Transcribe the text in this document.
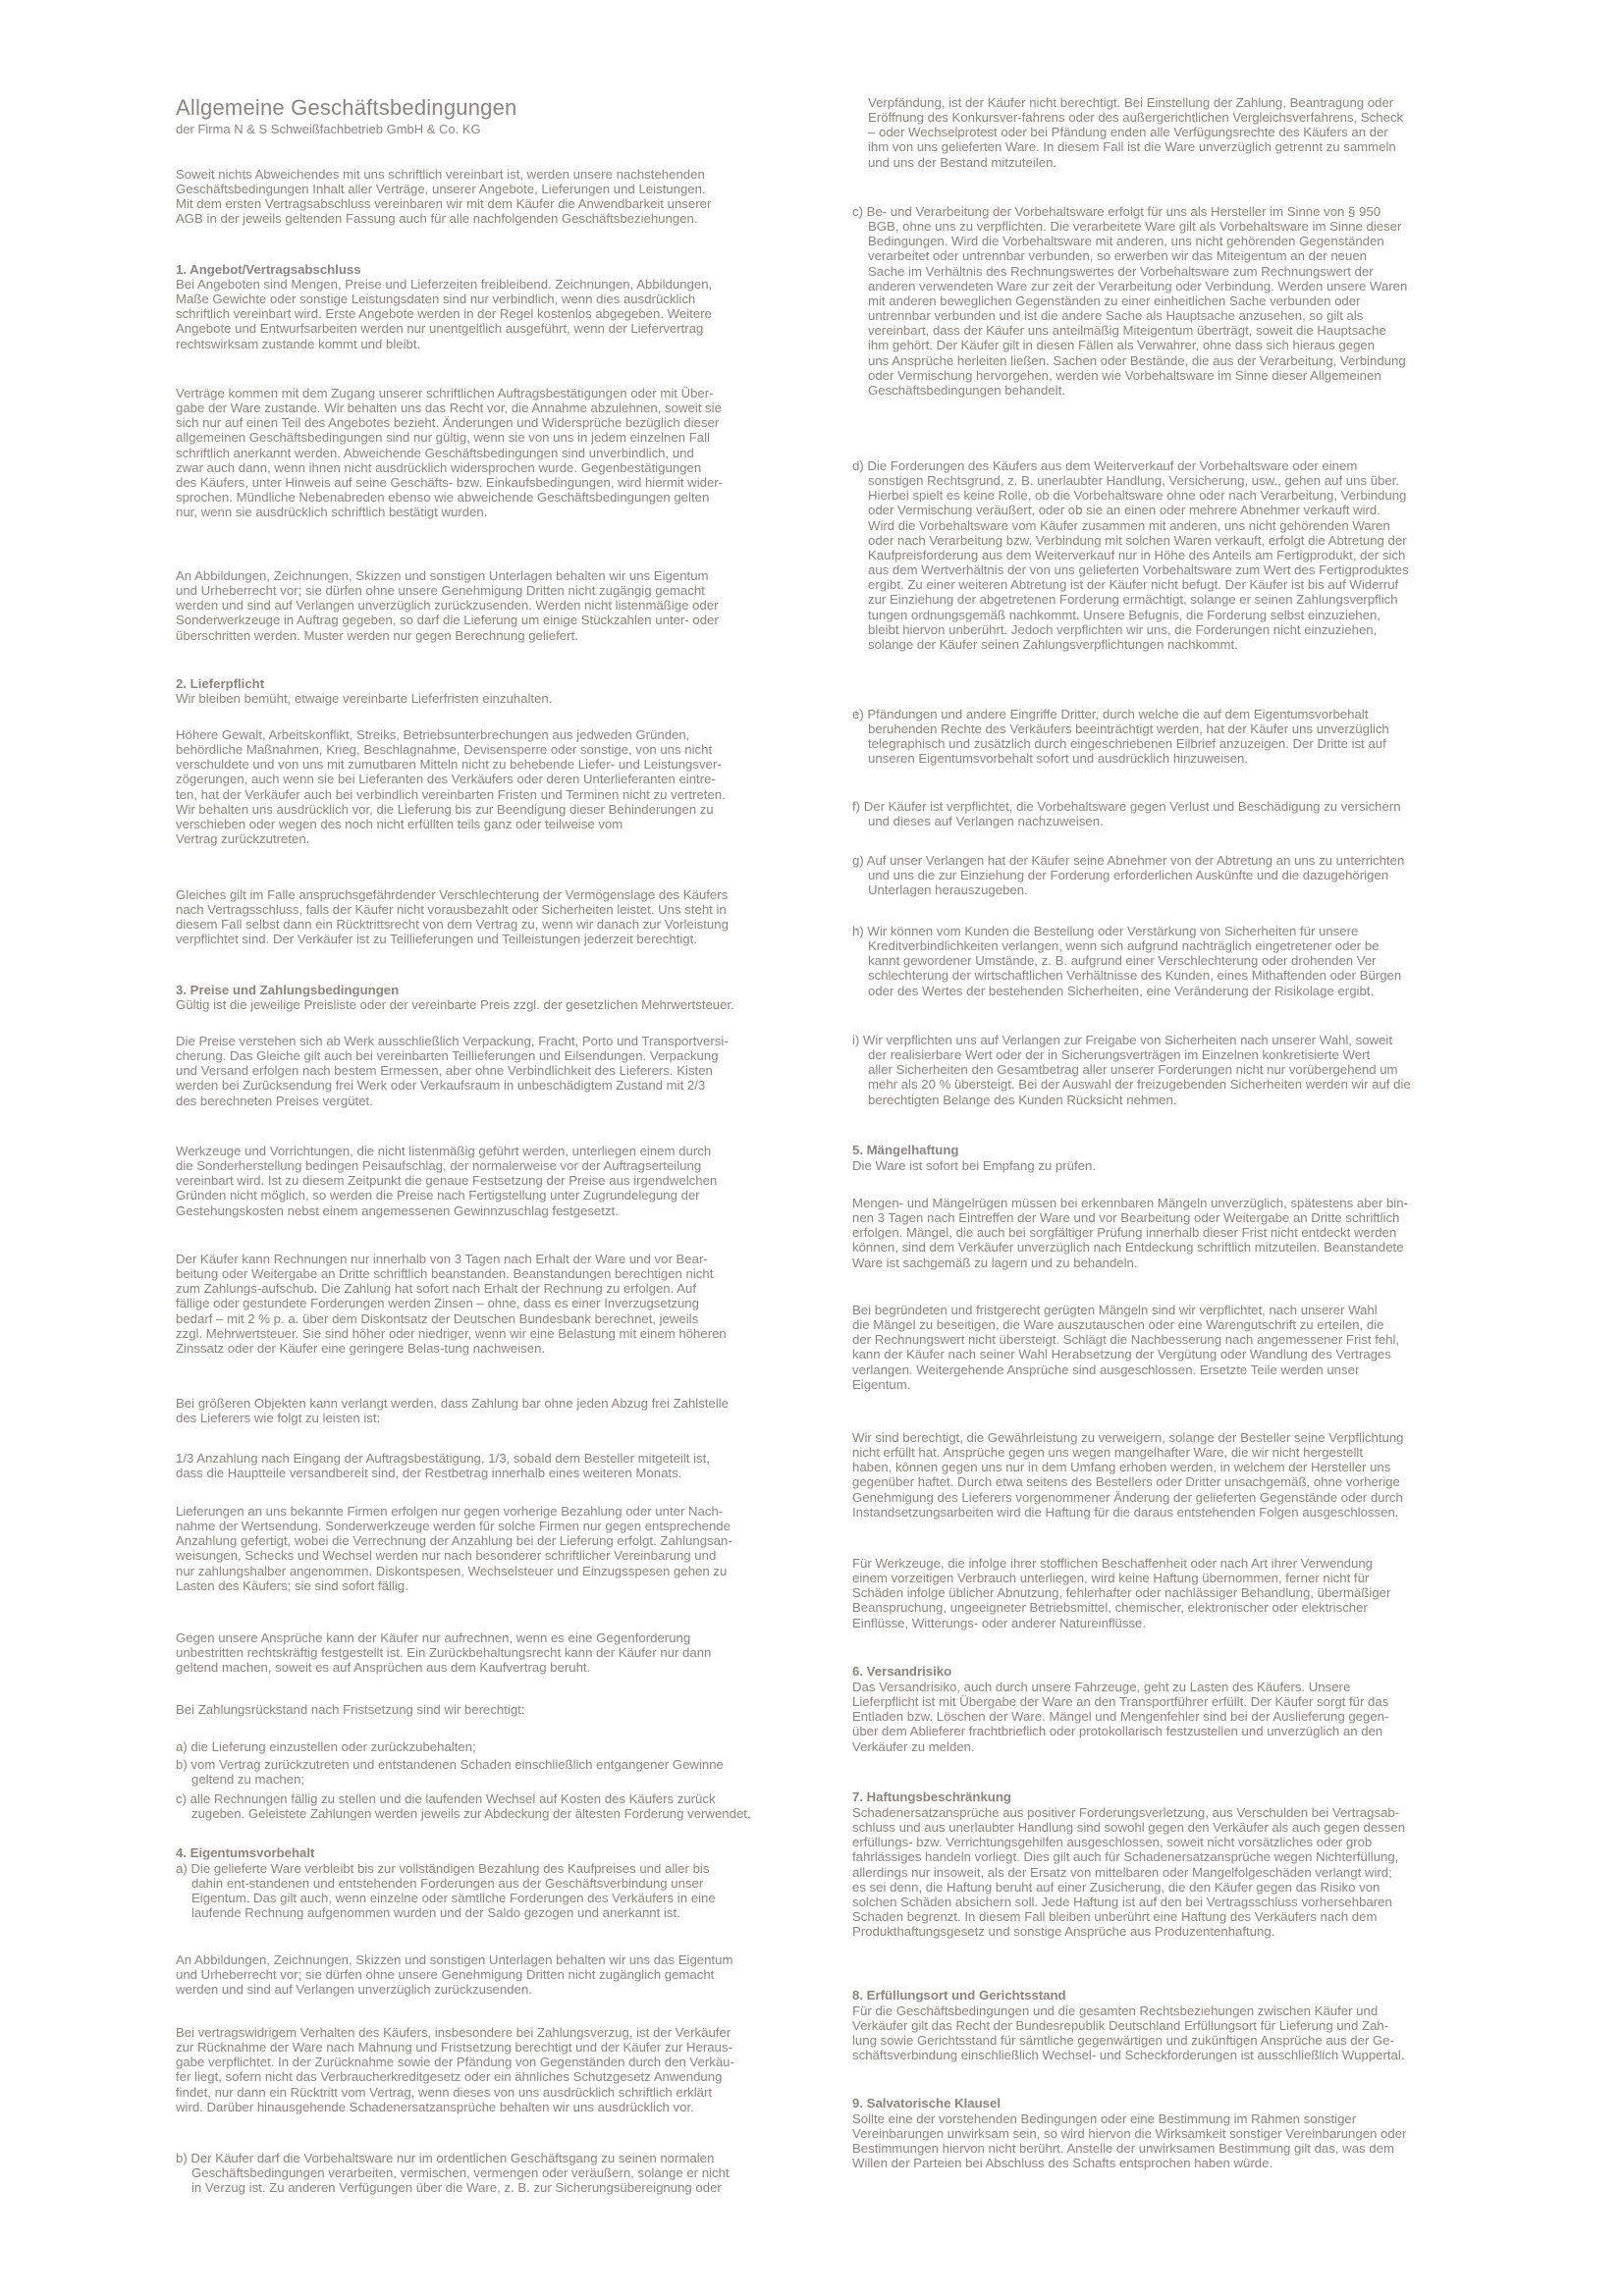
Allgemeine Geschäftsbedingungen
der Firma N & S Schweißfachbetrieb GmbH & Co. KG

Soweit nichts Abweichendes mit uns schriftlich vereinbart ist, werden unsere nachstehenden
Geschäftsbedingungen Inhalt aller Verträge, unserer Angebote, Lieferungen und Leistungen.
Mit dem ersten Vertragsabschluss vereinbaren wir mit dem Käufer die Anwendbarkeit unserer
AGB in der jeweils geltenden Fassung auch für alle nachfolgenden Geschäftsbeziehungen.

1. Angebot/Vertragsabschluss

Bei Angeboten sind Mengen, Preise und Lieferzeiten freibleibend. Zeichnungen, Abbildungen,
Maße Gewichte oder sonstige Leistungsdaten sind nur verbindlich, wenn dies ausdrücklich
schriftlich vereinbart wird. Erste Angebote werden in der Regel kostenlos abgegeben. Weitere
Angebote und Entwurfsarbeiten werden nur unentgeltlich ausgeführt, wenn der Liefervertrag
rechtswirksam zustande kommt und bleibt.

Verträge kommen mit dem Zugang unserer schriftlichen Auftragsbestätigungen oder mit Über-
gabe der Ware zustande. Wir behalten uns das Recht vor, die Annahme abzulehnen, soweit sie
sich nur auf einen Teil des Angebotes bezieht. Änderungen und Widersprüche bezüglich dieser
allgemeinen Geschäftsbedingungen sind nur gültig, wenn sie von uns in jedem einzelnen Fall
schriftlich anerkannt werden. Abweichende Geschäftsbedingungen sind unverbindlich, und
zwar auch dann, wenn ihnen nicht ausdrücklich widersprochen wurde. Gegenbestätigungen
des Käufers, unter Hinweis auf seine Geschäfts- bzw. Einkaufsbedingungen, wird hiermit wider-
sprochen. Mündliche Nebenabreden ebenso wie abweichende Geschäftsbedingungen gelten
nur, wenn sie ausdrücklich schriftlich bestätigt wurden.

An Abbildungen, Zeichnungen, Skizzen und sonstigen Unterlagen behalten wir uns Eigentum
und Urheberrecht vor; sie dürfen ohne unsere Genehmigung Dritten nicht zugängig gemacht
werden und sind auf Verlangen unverzüglich zurückzusenden. Werden nicht listenmäßige oder
Sonderwerkzeuge in Auftrag gegeben, so darf die Lieferung um einige Stückzahlen unter- oder
überschritten werden. Muster werden nur gegen Berechnung geliefert.

2. Lieferpflicht

Wir bleiben bemüht, etwaige vereinbarte Lieferfristen einzuhalten.

Höhere Gewalt, Arbeitskonflikt, Streiks, Betriebsunterbrechungen aus jedweden Gründen,
behördliche Maßnahmen, Krieg, Beschlagnahme, Devisensperre oder sonstige, von uns nicht
verschuldete und von uns mit zumutbaren Mitteln nicht zu behebende Liefer- und Leistungsver-
zögerungen, auch wenn sie bei Lieferanten des Verkäufers oder deren Unterlieferanten eintre-
ten, hat der Verkäufer auch bei verbindlich vereinbarten Fristen und Terminen nicht zu vertreten.
Wir behalten uns ausdrücklich vor, die Lieferung bis zur Beendigung dieser Behinderungen zu
verschieben oder wegen des noch nicht erfüllten teils ganz oder teilweise vom
Vertrag zurückzutreten.

Gleiches gilt im Falle anspruchsgefährdender Verschlechterung der Vermögenslage des Käufers
nach Vertragsschluss, falls der Käufer nicht vorausbezahlt oder Sicherheiten leistet. Uns steht in
diesem Fall selbst dann ein Rücktrittsrecht von dem Vertrag zu, wenn wir danach zur Vorleistung
verpflichtet sind. Der Verkäufer ist zu Teillieferungen und Teilleistungen jederzeit berechtigt.

3. Preise und Zahlungsbedingungen

Gültig ist die jeweilige Preisliste oder der vereinbarte Preis zzgl. der gesetzlichen Mehrwertsteuer.

Die Preise verstehen sich ab Werk ausschließlich Verpackung, Fracht, Porto und Transportversi-
cherung. Das Gleiche gilt auch bei vereinbarten Teillieferungen und Eilsendungen. Verpackung
und Versand erfolgen nach bestem Ermessen, aber ohne Verbindlichkeit des Lieferers. Kisten
werden bei Zurücksendung frei Werk oder Verkaufsraum in unbeschädigtem Zustand mit 2/3
des berechneten Preises vergütet.

Werkzeuge und Vorrichtungen, die nicht listenmäßig geführt werden, unterliegen einem durch
die Sonderherstellung bedingen Peisaufschlag, der normalerweise vor der Auftragserteilung
vereinbart wird. Ist zu diesem Zeitpunkt die genaue Festsetzung der Preise aus irgendwelchen
Gründen nicht möglich, so werden die Preise nach Fertigstellung unter Zugrundelegung der
Gestehungskosten nebst einem angemessenen Gewinnzuschlag festgesetzt.

Der Käufer kann Rechnungen nur innerhalb von 3 Tagen nach Erhalt der Ware und vor Bear-
beitung oder Weitergabe an Dritte schriftlich beanstanden. Beanstandungen berechtigen nicht
zum Zahlungs-aufschub. Die Zahlung hat sofort nach Erhalt der Rechnung zu erfolgen. Auf
fällige oder gestundete Forderungen werden Zinsen – ohne, dass es einer Inverzugsetzung
bedarf – mit 2 % p. a. über dem Diskontsatz der Deutschen Bundesbank berechnet, jeweils
zzgl. Mehrwertsteuer. Sie sind höher oder niedriger, wenn wir eine Belastung mit einem höheren
Zinssatz oder der Käufer eine geringere Belas-tung nachweisen.

Bei größeren Objekten kann verlangt werden, dass Zahlung bar ohne jeden Abzug frei Zahlstelle
des Lieferers wie folgt zu leisten ist:

1/3 Anzahlung nach Eingang der Auftragsbestätigung, 1/3, sobald dem Besteller mitgeteilt ist,
dass die Hauptteile versandbereit sind, der Restbetrag innerhalb eines weiteren Monats.

Lieferungen an uns bekannte Firmen erfolgen nur gegen vorherige Bezahlung oder unter Nach-
nahme der Wertsendung. Sonderwerkzeuge werden für solche Firmen nur gegen entsprechende
Anzahlung gefertigt, wobei die Verrechnung der Anzahlung bei der Lieferung erfolgt. Zahlungsan-
weisungen, Schecks und Wechsel werden nur nach besonderer schriftlicher Vereinbarung und
nur zahlungshalber angenommen. Diskontspesen, Wechselsteuer und Einzugsspesen gehen zu
Lasten des Käufers; sie sind sofort fällig.

Gegen unsere Ansprüche kann der Käufer nur aufrechnen, wenn es eine Gegenforderung
unbestritten rechtskräftig festgestellt ist. Ein Zurückbehaltungsrecht kann der Käufer nur dann
geltend machen, soweit es auf Ansprüchen aus dem Kaufvertrag beruht.

Bei Zahlungsrückstand nach Fristsetzung sind wir berechtigt:

a) die Lieferung einzustellen oder zurückzubehalten;

b) vom Vertrag zurückzutreten und entstandenen Schaden einschließlich entgangener Gewinne
geltend zu machen;

c) alle Rechnungen fällig zu stellen und die laufenden Wechsel auf Kosten des Käufers zurück
zugeben. Geleistete Zahlungen werden jeweils zur Abdeckung der ältesten Forderung verwendet.

4. Eigentumsvorbehalt

a) Die gelieferte Ware verbleibt bis zur vollständigen Bezahlung des Kaufpreises und aller bis
dahin ent-standenen und entstehenden Forderungen aus der Geschäftsverbindung unser
Eigentum. Das gilt auch, wenn einzelne oder sämtliche Forderungen des Verkäufers in eine
laufende Rechnung aufgenommen wurden und der Saldo gezogen und anerkannt ist.

An Abbildungen, Zeichnungen, Skizzen und sonstigen Unterlagen behalten wir uns das Eigentum
und Urheberrecht vor; sie dürfen ohne unsere Genehmigung Dritten nicht zugänglich gemacht
werden und sind auf Verlangen unverzüglich zurückzusenden.

Bei vertragswidrigem Verhalten des Käufers, insbesondere bei Zahlungsverzug, ist der Verkäufer
zur Rücknahme der Ware nach Mahnung und Fristsetzung berechtigt und der Käufer zur Heraus-
gabe verpflichtet. In der Zurücknahme sowie der Pfändung von Gegenständen durch den Verkäu-
fer liegt, sofern nicht das Verbraucherkreditgesetz oder ein ähnliches Schutzgesetz Anwendung
findet, nur dann ein Rücktritt vom Vertrag, wenn dieses von uns ausdrücklich schriftlich erklärt
wird. Darüber hinausgehende Schadenersatzansprüche behalten wir uns ausdrücklich vor.

b) Der Käufer darf die Vorbehaltsware nur im ordentlichen Geschäftsgang zu seinen normalen
Geschäftsbedingungen verarbeiten, vermischen, vermengen oder veräußern, solange er nicht
in Verzug ist. Zu anderen Verfügungen über die Ware, z. B. zur Sicherungsübereignung oder

Verpfändung, ist der Käufer nicht berechtigt. Bei Einstellung der Zahlung, Beantragung oder
Eröffnung des Konkursver-fahrens oder des außergerichtlichen Vergleichsverfahrens, Scheck
– oder Wechselprotest oder bei Pfändung enden alle Verfügungsrechte des Käufers an der
ihm von uns gelieferten Ware. In diesem Fall ist die Ware unverzüglich getrennt zu sammeln
und uns der Bestand mitzuteilen.

c) Be- und Verarbeitung der Vorbehaltsware erfolgt für uns als Hersteller im Sinne von § 950
BGB, ohne uns zu verpflichten. Die verarbeitete Ware gilt als Vorbehaltsware im Sinne dieser
Bedingungen. Wird die Vorbehaltsware mit anderen, uns nicht gehörenden Gegenständen
verarbeitet oder untrennbar verbunden, so erwerben wir das Miteigentum an der neuen
Sache im Verhältnis des Rechnungswertes der Vorbehaltsware zum Rechnungswert der
anderen verwendeten Ware zur zeit der Verarbeitung oder Verbindung. Werden unsere Waren
mit anderen beweglichen Gegenständen zu einer einheitlichen Sache verbunden oder
untrennbar verbunden und ist die andere Sache als Hauptsache anzusehen, so gilt als
vereinbart, dass der Käufer uns anteilmäßig Miteigentum überträgt, soweit die Hauptsache
ihm gehört. Der Käufer gilt in diesen Fällen als Verwahrer, ohne dass sich hieraus gegen
uns Ansprüche herleiten ließen. Sachen oder Bestände, die aus der Verarbeitung, Verbindung
oder Vermischung hervorgehen, werden wie Vorbehaltsware im Sinne dieser Allgemeinen
Geschäftsbedingungen behandelt.

d) Die Forderungen des Käufers aus dem Weiterverkauf der Vorbehaltsware oder einem
sonstigen Rechtsgrund, z. B. unerlaubter Handlung, Versicherung, usw., gehen auf uns über.
Hierbei spielt es keine Rolle, ob die Vorbehaltsware ohne oder nach Verarbeitung, Verbindung
oder Vermischung veräußert, oder ob sie an einen oder mehrere Abnehmer verkauft wird.
Wird die Vorbehaltsware vom Käufer zusammen mit anderen, uns nicht gehörenden Waren
oder nach Verarbeitung bzw. Verbindung mit solchen Waren verkauft, erfolgt die Abtretung der
Kaufpreisforderung aus dem Weiterverkauf nur in Höhe des Anteils am Fertigprodukt, der sich
aus dem Wertverhältnis der von uns gelieferten Vorbehaltsware zum Wert des Fertigproduktes
ergibt. Zu einer weiteren Abtretung ist der Käufer nicht befugt. Der Käufer ist bis auf Widerruf
zur Einziehung der abgetretenen Forderung ermächtigt, solange er seinen Zahlungsverpflich
tungen ordnungsgemäß nachkommt. Unsere Befugnis, die Forderung selbst einzuziehen,
bleibt hiervon unberührt. Jedoch verpflichten wir uns, die Forderungen nicht einzuziehen,
solange der Käufer seinen Zahlungsverpflichtungen nachkommt.

e) Pfändungen und andere Eingriffe Dritter, durch welche die auf dem Eigentumsvorbehalt
beruhenden Rechte des Verkäufers beeinträchtigt werden, hat der Käufer uns unverzüglich
telegraphisch und zusätzlich durch eingeschriebenen Eilbrief anzuzeigen. Der Dritte ist auf
unseren Eigentumsvorbehalt sofort und ausdrücklich hinzuweisen.

f) Der Käufer ist verpflichtet, die Vorbehaltsware gegen Verlust und Beschädigung zu versichern
und dieses auf Verlangen nachzuweisen.

g) Auf unser Verlangen hat der Käufer seine Abnehmer von der Abtretung an uns zu unterrichten
und uns die zur Einziehung der Forderung erforderlichen Auskünfte und die dazugehörigen
Unterlagen herauszugeben.

h) Wir können vom Kunden die Bestellung oder Verstärkung von Sicherheiten für unsere
Kreditverbindlichkeiten verlangen, wenn sich aufgrund nachträglich eingetretener oder be
kannt gewordener Umstände, z. B. aufgrund einer Verschlechterung oder drohenden Ver
schlechterung der wirtschaftlichen Verhältnisse des Kunden, eines Mithaftenden oder Bürgen
oder des Wertes der bestehenden Sicherheiten, eine Veränderung der Risikolage ergibt.

i) Wir verpflichten uns auf Verlangen zur Freigabe von Sicherheiten nach unserer Wahl, soweit
der realisierbare Wert oder der in Sicherungsverträgen im Einzelnen konkretisierte Wert
aller Sicherheiten den Gesamtbetrag aller unserer Forderungen nicht nur vorübergehend um
mehr als 20 % übersteigt. Bei der Auswahl der freizugebenden Sicherheiten werden wir auf die
berechtigten Belange des Kunden Rücksicht nehmen.

5. Mängelhaftung

Die Ware ist sofort bei Empfang zu prüfen.

Mengen- und Mängelrügen müssen bei erkennbaren Mängeln unverzüglich, spätestens aber bin-
nen 3 Tagen nach Eintreffen der Ware und vor Bearbeitung oder Weitergabe an Dritte schriftlich
erfolgen. Mängel, die auch bei sorgfältiger Prüfung innerhalb dieser Frist nicht entdeckt werden
können, sind dem Verkäufer unverzüglich nach Entdeckung schriftlich mitzuteilen. Beanstandete
Ware ist sachgemäß zu lagern und zu behandeln.

Bei begründeten und fristgerecht gerügten Mängeln sind wir verpflichtet, nach unserer Wahl
die Mängel zu beseitigen, die Ware auszutauschen oder eine Warengutschrift zu erteilen, die
der Rechnungswert nicht übersteigt. Schlägt die Nachbesserung nach angemessener Frist fehl,
kann der Käufer nach seiner Wahl Herabsetzung der Vergütung oder Wandlung des Vertrages
verlangen. Weitergehende Ansprüche sind ausgeschlossen. Ersetzte Teile werden unser
Eigentum.

Wir sind berechtigt, die Gewährleistung zu verweigern, solange der Besteller seine Verpflichtung
nicht erfüllt hat. Ansprüche gegen uns wegen mangelhafter Ware, die wir nicht hergestellt
haben, können gegen uns nur in dem Umfang erhoben werden, in welchem der Hersteller uns
gegenüber haftet. Durch etwa seitens des Bestellers oder Dritter unsachgemäß, ohne vorherige
Genehmigung des Lieferers vorgenommener Änderung der gelieferten Gegenstände oder durch
Instandsetzungsarbeiten wird die Haftung für die daraus entstehenden Folgen ausgeschlossen.

Für Werkzeuge, die infolge ihrer stofflichen Beschaffenheit oder nach Art ihrer Verwendung
einem vorzeitigen Verbrauch unterliegen, wird keine Haftung übernommen, ferner nicht für
Schäden infolge üblicher Abnutzung, fehlerhafter oder nachlässiger Behandlung, übermäßiger
Beanspruchung, ungeeigneter Betriebsmittel, chemischer, elektronischer oder elektrischer
Einflüsse, Witterungs- oder anderer Natureinflüsse.

6. Versandrisiko

Das Versandrisiko, auch durch unsere Fahrzeuge, geht zu Lasten des Käufers. Unsere
Lieferpflicht ist mit Übergabe der Ware an den Transportführer erfüllt. Der Käufer sorgt für das
Entladen bzw. Löschen der Ware. Mängel und Mengenfehler sind bei der Auslieferung gegen-
über dem Ablieferer frachtbrieflich oder protokollarisch festzustellen und unverzüglich an den
Verkäufer zu melden.

7. Haftungsbeschränkung

Schadenersatzansprüche aus positiver Forderungsverletzung, aus Verschulden bei Vertragsab-
schluss und aus unerlaubter Handlung sind sowohl gegen den Verkäufer als auch gegen dessen
erfüllungs- bzw. Verrichtungsgehilfen ausgeschlossen, soweit nicht vorsätzliches oder grob
fahrlässiges handeln vorliegt. Dies gilt auch für Schadenersatzansprüche wegen Nichterfüllung,
allerdings nur insoweit, als der Ersatz von mittelbaren oder Mangelfolgeschäden verlangt wird;
es sei denn, die Haftung beruht auf einer Zusicherung, die den Käufer gegen das Risiko von
solchen Schäden absichern soll. Jede Haftung ist auf den bei Vertragsschluss vorhersehbaren
Schaden begrenzt. In diesem Fall bleiben unberührt eine Haftung des Verkäufers nach dem
Produkthaftungsgesetz und sonstige Ansprüche aus Produzentenhaftung.

8. Erfüllungsort und Gerichtsstand

Für die Geschäftsbedingungen und die gesamten Rechtsbeziehungen zwischen Käufer und
Verkäufer gilt das Recht der Bundesrepublik Deutschland Erfüllungsort für Lieferung und Zah-
lung sowie Gerichtsstand für sämtliche gegenwärtigen und zukünftigen Ansprüche aus der Ge-
schäftsverbindung einschließlich Wechsel- und Scheckforderungen ist ausschließlich Wuppertal.

9. Salvatorische Klausel

Sollte eine der vorstehenden Bedingungen oder eine Bestimmung im Rahmen sonstiger
Vereinbarungen unwirksam sein, so wird hiervon die Wirksamkeit sonstiger Vereinbarungen oder
Bestimmungen hiervon nicht berührt. Anstelle der unwirksamen Bestimmung gilt das, was dem
Willen der Parteien bei Abschluss des Schafts entsprochen haben würde.
